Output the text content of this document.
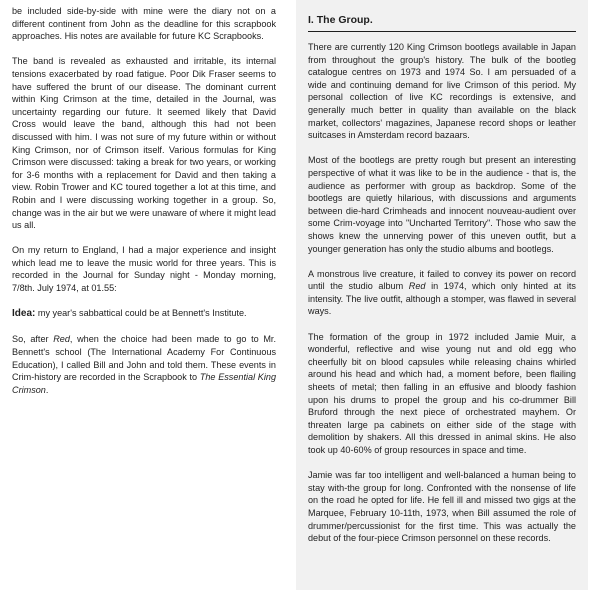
be included side-by-side with mine were the diary not on a different continent from John as the deadline for this scrapbook approaches. His notes are available for future KC Scrapbooks.

The band is revealed as exhausted and irritable, its internal tensions exacerbated by road fatigue. Poor Dik Fraser seems to have suffered the brunt of our disease. The dominant current within King Crimson at the time, detailed in the Journal, was uncertainty regarding our future. It seemed likely that David Cross would leave the band, although this had not been discussed with him. I was not sure of my future within or without King Crimson, nor of Crimson itself. Various formulas for King Crimson were discussed: taking a break for two years, or working for 3-6 months with a replacement for David and then taking a view. Robin Trower and KC toured together a lot at this time, and Robin and I were discussing working together in a group. So, change was in the air but we were unaware of where it might lead us all.

On my return to England, I had a major experience and insight which lead me to leave the music world for three years. This is recorded in the Journal for Sunday night - Monday morning, 7/8th. July 1974, at 01.55:

Idea: my year's sabbattical could be at Bennett's Institute.

So, after Red, when the choice had been made to go to Mr. Bennett's school (The International Academy For Continuous Education), I called Bill and John and told them. These events in Crim-history are recorded in the Scrapbook to The Essential King Crimson.

I. The Group.

There are currently 120 King Crimson bootlegs available in Japan from throughout the group's history. The bulk of the bootleg catalogue centres on 1973 and 1974 So. I am persuaded of a wide and continuing demand for live Crimson of this period. My personal collection of live KC recordings is extensive, and generally much better in quality than available on the black market, collectors' magazines, Japanese record shops or leather suitcases in Amsterdam record bazaars.

Most of the bootlegs are pretty rough but present an interesting perspective of what it was like to be in the audience - that is, the audience as performer with group as backdrop. Some of the bootlegs are quietly hilarious, with discussions and arguments between die-hard Crimheads and innocent nouveau-audient over some Crim-voyage into "Uncharted Territory". Those who saw the shows knew the unnerving power of this uneven outfit, but a younger generation has only the studio albums and bootlegs.

A monstrous live creature, it failed to convey its power on record until the studio album Red in 1974, which only hinted at its intensity. The live outfit, although a stomper, was flawed in several ways.

The formation of the group in 1972 included Jamie Muir, a wonderful, reflective and wise young nut and old egg who cheerfully bit on blood capsules while releasing chains whirled around his head and which had, a moment before, been flailing sheets of metal; then falling in an effusive and bloody fashion upon his drums to propel the group and his co-drummer Bill Bruford through the next piece of orchestrated mayhem. Or threaten large pa cabinets on either side of the stage with demolition by shakers. All this dressed in animal skins. He also took up 40-60% of group resources in space and time.

Jamie was far too intelligent and well-balanced a human being to stay with-the group for long. Confronted with the nonsense of life on the road he opted for life. He fell ill and missed two gigs at the Marquee, February 10-11th, 1973, when Bill assumed the role of drummer/percussionist for the first time. This was actually the debut of the four-piece Crimson personnel on these records.
